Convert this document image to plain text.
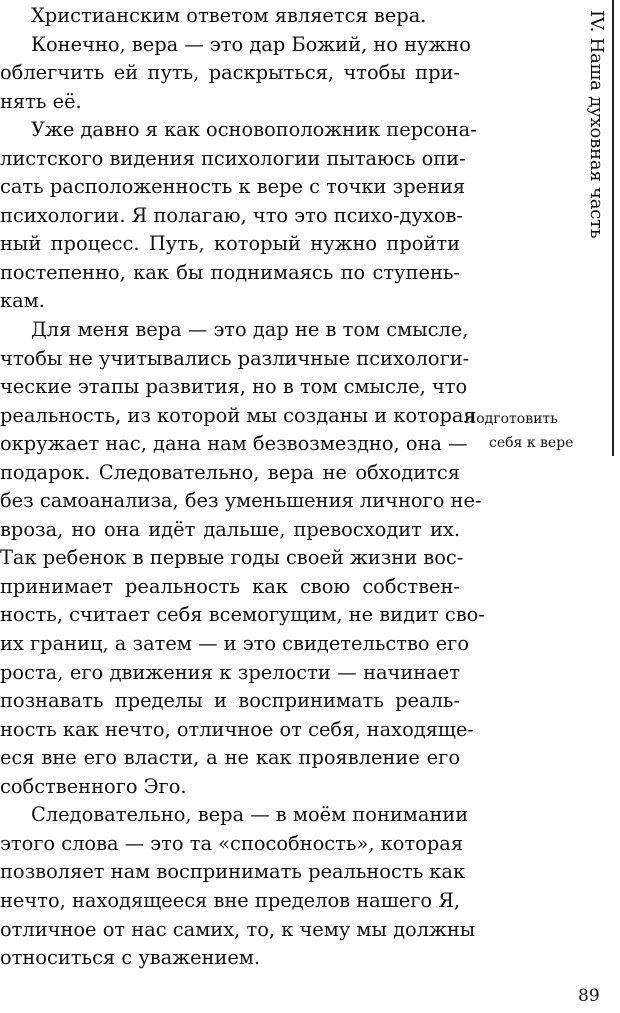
Христианским ответом является вера.
Конечно, вера — это дар Божий, но нужно
облегчить ей путь, раскрыться, чтобы при-
нять её.
Уже давно я как основоположник персона-
листского видения психологии пытаюсь опи-
сать расположенность к вере с точки зрения
психологии. Я полагаю, что это психо-духов-
ный процесс. Путь, который нужно пройти
постепенно, как бы поднимаясь по ступень-
кам.
Для меня вера — это дар не в том смысле,
чтобы не учитывались различные психологи-
ческие этапы развития, но в том смысле, что
реальность, из которой мы созданы и которая
окружает нас, дана нам безвозмездно, она —
подарок. Следовательно, вера не обходится
без самоанализа, без уменьшения личного не-
вроза, но она идёт дальше, превосходит их.
Так ребенок в первые годы своей жизни вос-
принимает реальность как свою собствен-
ность, считает себя всемогущим, не видит сво-
их границ, а затем — и это свидетельство его
роста, его движения к зрелости — начинает
познавать пределы и воспринимать реаль-
ность как нечто, отличное от себя, находяще-
еся вне его власти, а не как проявление его
собственного Эго.
Следовательно, вера — в моём понимании
этого слова — это та «способность», которая
позволяет нам воспринимать реальность как
нечто, находящееся вне пределов нашего Я,
отличное от нас самих, то, к чему мы должны
относиться с уважением.
IV. Наша духовная часть
Подготовить
себя к вере
89
